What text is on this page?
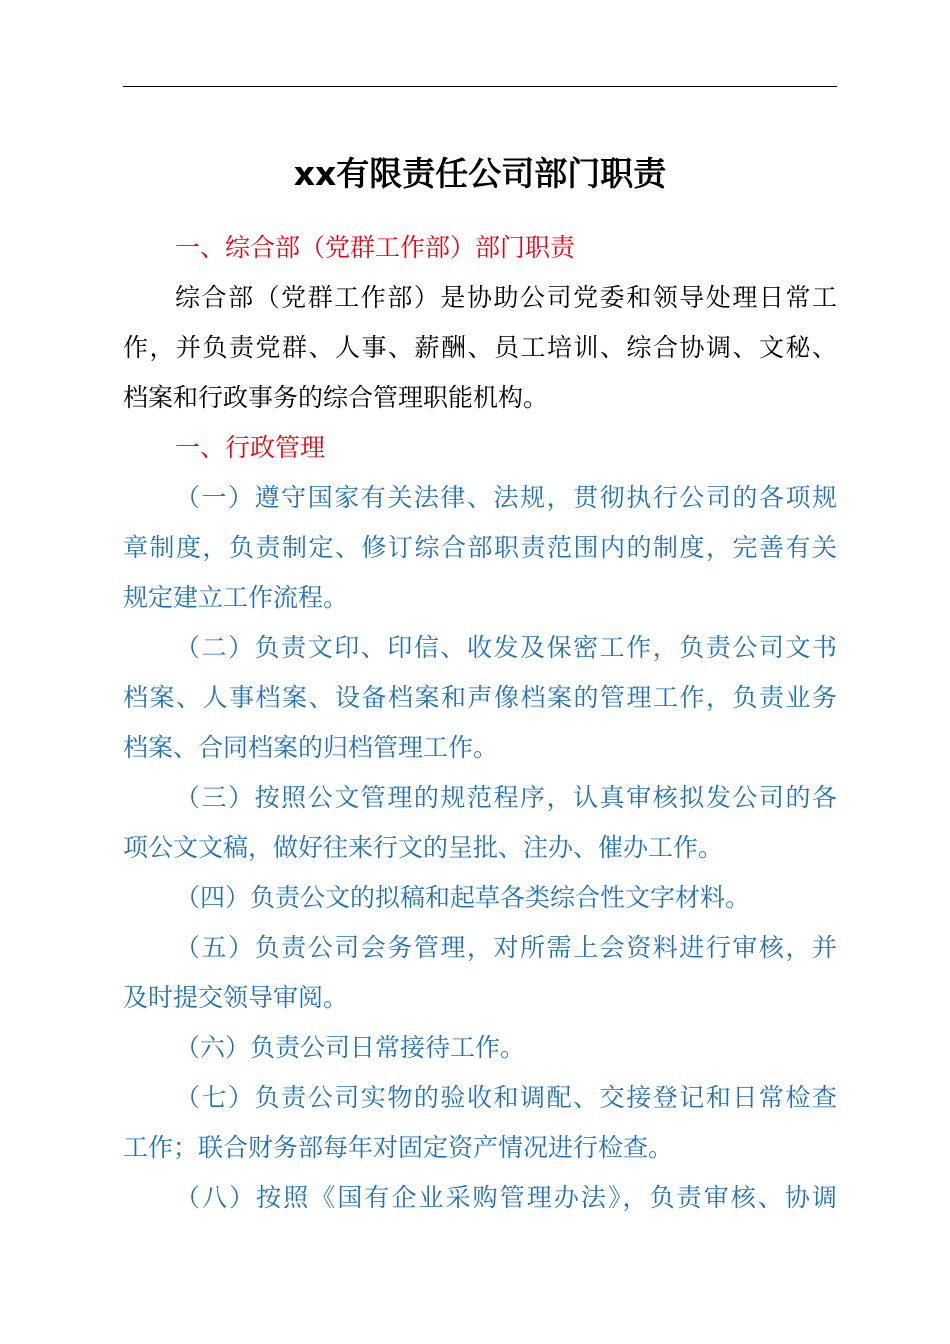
xx有限责任公司部门职责

一、综合部（党群工作部）部门职责

综合部（党群工作部）是协助公司党委和领导处理日常工

作，并负责党群、人事、薪酬、员工培训、综合协调、文秘、

档案和行政事务的综合管理职能机构。

一、行政管理

（一）遵守国家有关法律、法规，贯彻执行公司的各项规

章制度，负责制定、修订综合部职责范围内的制度，完善有关

规定建立工作流程。

（二）负责文印、印信、收发及保密工作，负责公司文书

档案、人事档案、设备档案和声像档案的管理工作，负责业务

档案、合同档案的归档管理工作。

（三）按照公文管理的规范程序，认真审核拟发公司的各

项公文文稿，做好往来行文的呈批、注办、催办工作。

（四）负责公文的拟稿和起草各类综合性文字材料。

（五）负责公司会务管理，对所需上会资料进行审核，并

及时提交领导审阅。

（六）负责公司日常接待工作。

（七）负责公司实物的验收和调配、交接登记和日常检查

工作；联合财务部每年对固定资产情况进行检查。

（八）按照《国有企业采购管理办法》，负责审核、协调
